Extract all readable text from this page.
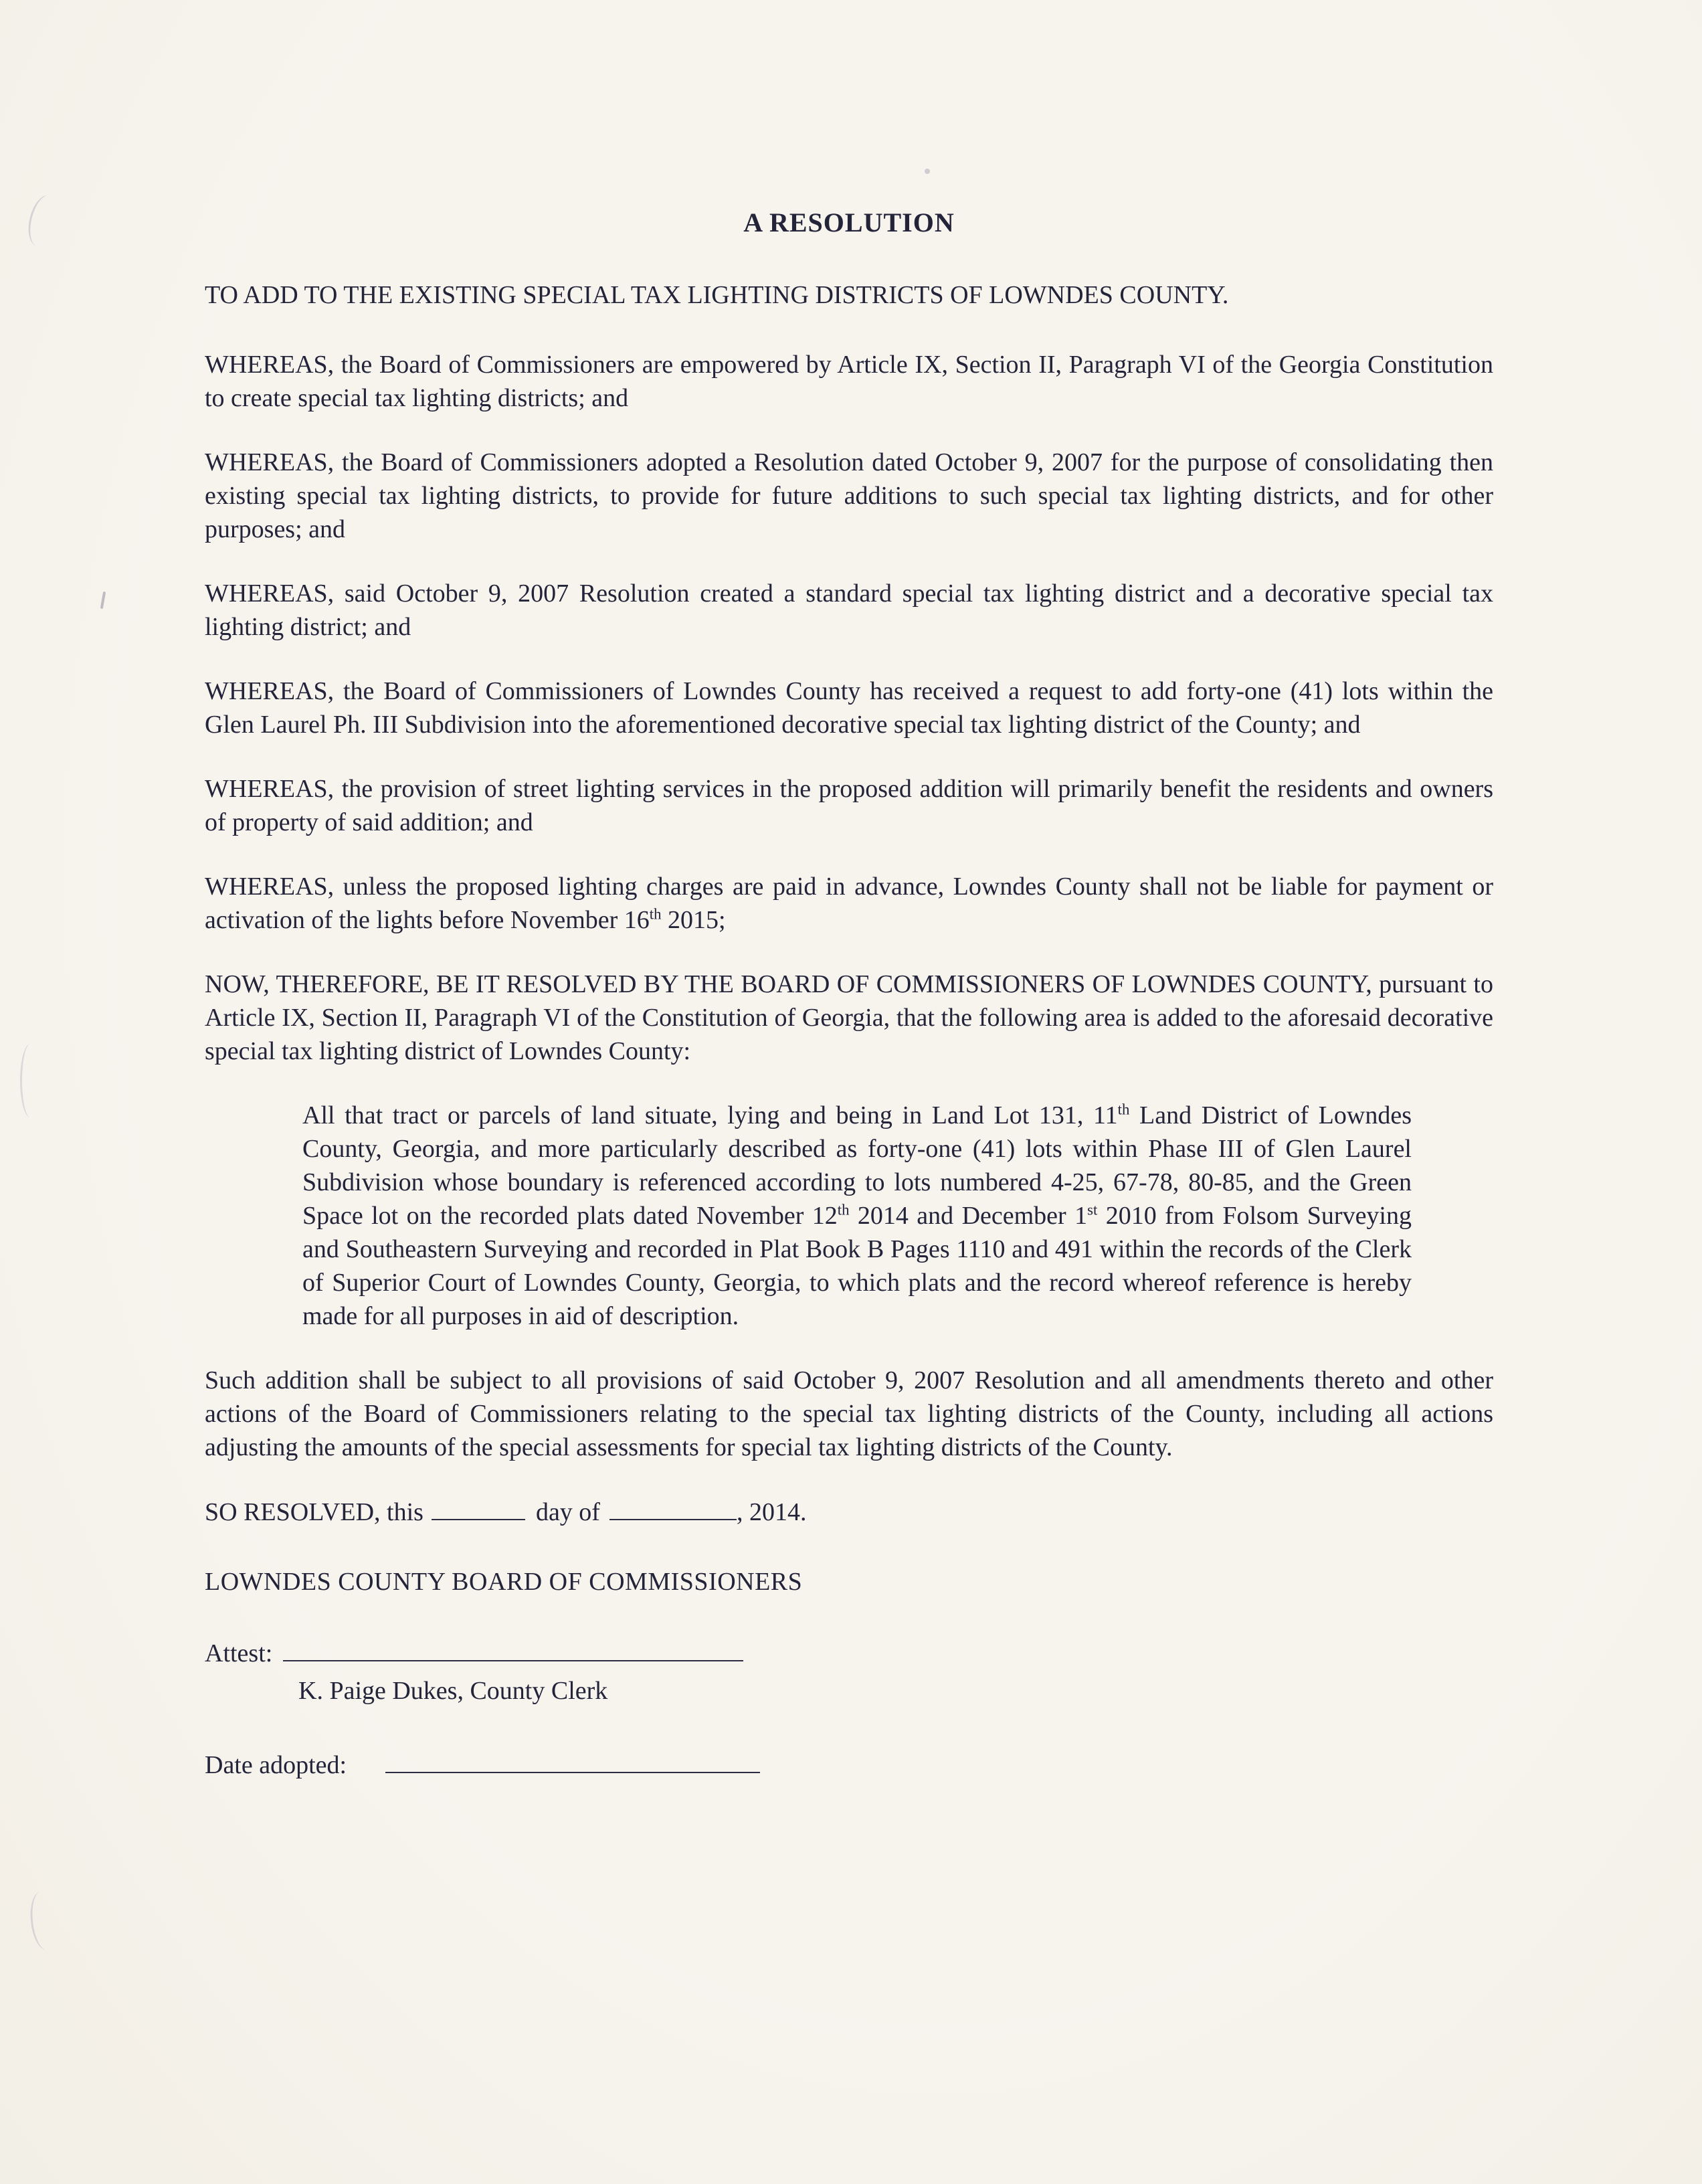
A RESOLUTION

TO ADD TO THE EXISTING SPECIAL TAX LIGHTING DISTRICTS OF LOWNDES COUNTY.

WHEREAS, the Board of Commissioners are empowered by Article IX, Section II, Paragraph VI of the Georgia Constitution to create special tax lighting districts; and

WHEREAS, the Board of Commissioners adopted a Resolution dated October 9, 2007 for the purpose of consolidating then existing special tax lighting districts, to provide for future additions to such special tax lighting districts, and for other purposes; and

WHEREAS, said October 9, 2007 Resolution created a standard special tax lighting district and a decorative special tax lighting district; and

WHEREAS, the Board of Commissioners of Lowndes County has received a request to add forty-one (41) lots within the Glen Laurel Ph. III Subdivision into the aforementioned decorative special tax lighting district of the County; and

WHEREAS, the provision of street lighting services in the proposed addition will primarily benefit the residents and owners of property of said addition; and

WHEREAS, unless the proposed lighting charges are paid in advance, Lowndes County shall not be liable for payment or activation of the lights before November 16th 2015;

NOW, THEREFORE, BE IT RESOLVED BY THE BOARD OF COMMISSIONERS OF LOWNDES COUNTY, pursuant to Article IX, Section II, Paragraph VI of the Constitution of Georgia, that the following area is added to the aforesaid decorative special tax lighting district of Lowndes County:

All that tract or parcels of land situate, lying and being in Land Lot 131, 11th Land District of Lowndes County, Georgia, and more particularly described as forty-one (41) lots within Phase III of Glen Laurel Subdivision whose boundary is referenced according to lots numbered 4-25, 67-78, 80-85, and the Green Space lot on the recorded plats dated November 12th 2014 and December 1st 2010 from Folsom Surveying and Southeastern Surveying and recorded in Plat Book B Pages 1110 and 491 within the records of the Clerk of Superior Court of Lowndes County, Georgia, to which plats and the record whereof reference is hereby made for all purposes in aid of description.

Such addition shall be subject to all provisions of said October 9, 2007 Resolution and all amendments thereto and other actions of the Board of Commissioners relating to the special tax lighting districts of the County, including all actions adjusting the amounts of the special assessments for special tax lighting districts of the County.

SO RESOLVED, this	day of	, 2014.

LOWNDES COUNTY BOARD OF COMMISSIONERS

Attest:
K. Paige Dukes, County Clerk
Date adopted:
